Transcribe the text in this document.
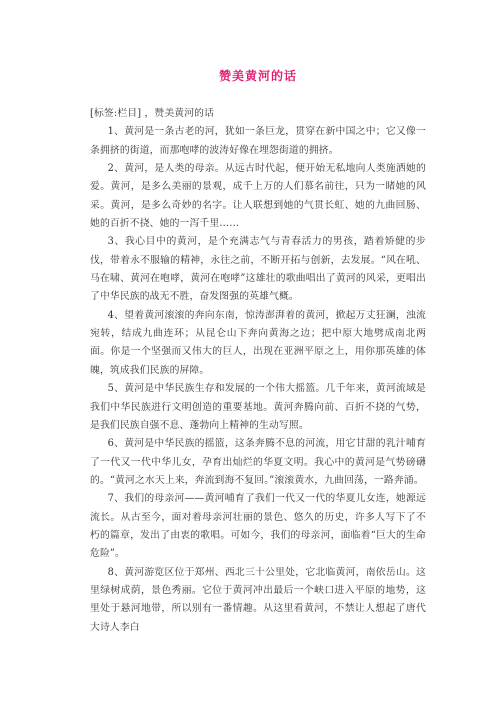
赞美黄河的话

[标签:栏目] ，赞美黄河的话

1、黄河是一条古老的河，犹如一条巨龙，贯穿在新中国之中；它又像一条拥挤的街道，而那咆哮的波涛好像在埋怨街道的拥挤。

2、黄河，是人类的母亲。从远古时代起，便开始无私地向人类施洒她的爱。黄河，是多么美丽的景观，成千上万的人们慕名前往，只为一睹她的风采。黄河，是多么奇妙的名字。让人联想到她的气贯长虹、她的九曲回肠、她的百折不挠、她的一泻千里……

3、我心目中的黄河，是个充满志气与青春活力的男孩，踏着矫健的步伐，带着永不服输的精神，永往之前，不断开拓与创新，去发展。“风在吼、马在啸、黄河在咆哮，黄河在咆哮”这雄壮的歌曲唱出了黄河的风采，更唱出了中华民族的战无不胜，奋发图强的英雄气概。

4、望着黄河滚滚的奔向东南，惊涛澎湃着的黄河，掀起万丈狂澜，浊流宛转，结成九曲连环；从昆仑山下奔向黄海之边；把中原大地劈成南北两面。你是一个坚强而又伟大的巨人，出现在亚洲平原之上，用你那英雄的体魄，筑成我们民族的屏障。

5、黄河是中华民族生存和发展的一个伟大摇篮。几千年来，黄河流域是我们中华民族进行文明创造的重要基地。黄河奔腾向前、百折不挠的气势，是我们民族自强不息、蓬勃向上精神的生动写照。

6、黄河是中华民族的摇篮，这条奔腾不息的河流，用它甘甜的乳汁哺育了一代又一代中华儿女，孕育出灿烂的华夏文明。我心中的黄河是气势磅礴的。“黄河之水天上来，奔流到海不复回。”滚滚黄水，九曲回荡，一路奔涌。

7、我们的母亲河——黄河哺育了我们一代又一代的华夏儿女连，她源远流长。从古至今，面对着母亲河壮丽的景色、悠久的历史，许多人写下了不朽的篇章，发出了由衷的歌唱。可如今，我们的母亲河，面临着“巨大的生命危险”。

8、黄河游览区位于郑州、西北三十公里处，它北临黄河，南依岳山。这里绿树成荫，景色秀丽。它位于黄河冲出最后一个峡口进入平原的地势，这里处于悬河地带，所以别有一番情趣。从这里看黄河，不禁让人想起了唐代大诗人李白
